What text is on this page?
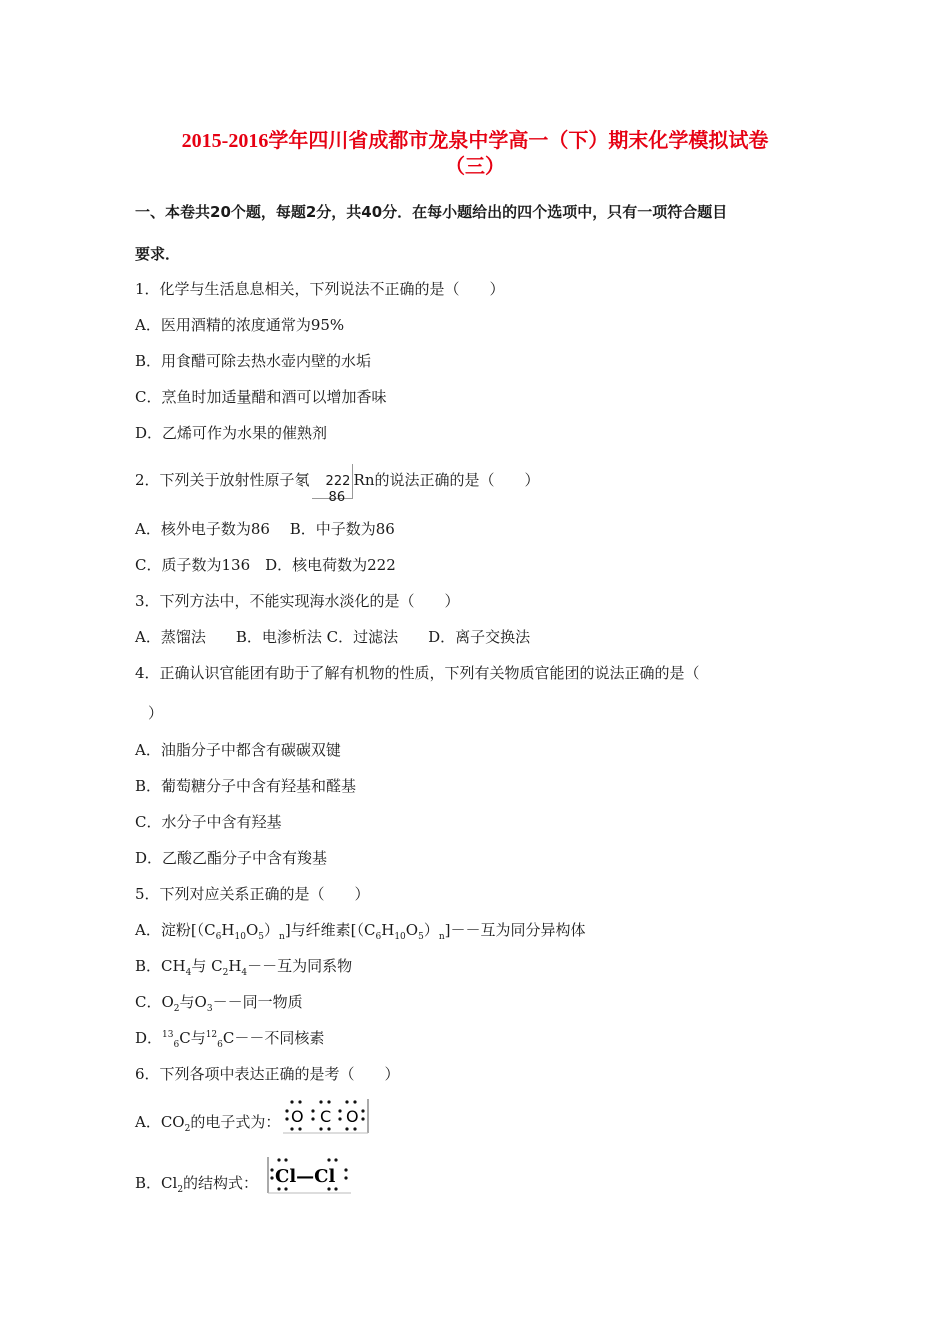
2015-2016学年四川省成都市龙泉中学高一（下）期末化学模拟试卷
（三）
一、本卷共20个题，每题2分，共40分．在每小题给出的四个选项中，只有一项符合题目
要求．
1．化学与生活息息相关，下列说法不正确的是（　　）
A．医用酒精的浓度通常为95%
B．用食醋可除去热水壶内壁的水垢
C．烹鱼时加适量醋和酒可以增加香味
D．乙烯可作为水果的催熟剂
2．下列关于放射性原子氡 222
86
Rn的说法正确的是（　　）
A．核外电子数为86　 B．中子数为86
C．质子数为136　D．核电荷数为222
3．下列方法中，不能实现海水淡化的是（　　）
A．蒸馏法　　B．电渗析法 C．过滤法　　D．离子交换法
4．正确认识官能团有助于了解有机物的性质，下列有关物质官能团的说法正确的是（
）
A．油脂分子中都含有碳碳双键
B．葡萄糖分子中含有羟基和醛基
C．水分子中含有羟基
D．乙酸乙酯分子中含有羧基
5．下列对应关系正确的是（　　）
A．淀粉$[(C_6H_{10}O_5)_n]$与纤维素$[(C_6H_{10}O_5)_n]--$互为同分异构体
B．$CH_4$与 $C_2H_4--$互为同系物
C．$O_2$与$O_3--$同一物质
D．$^{13}_6$C与$^{12}_6$C－－不同核素
6．下列各项中表达正确的是考（　　）
A．$CO_2$的电子式为： O C O
B．$Cl_2$的结构式： Cl—Cl
